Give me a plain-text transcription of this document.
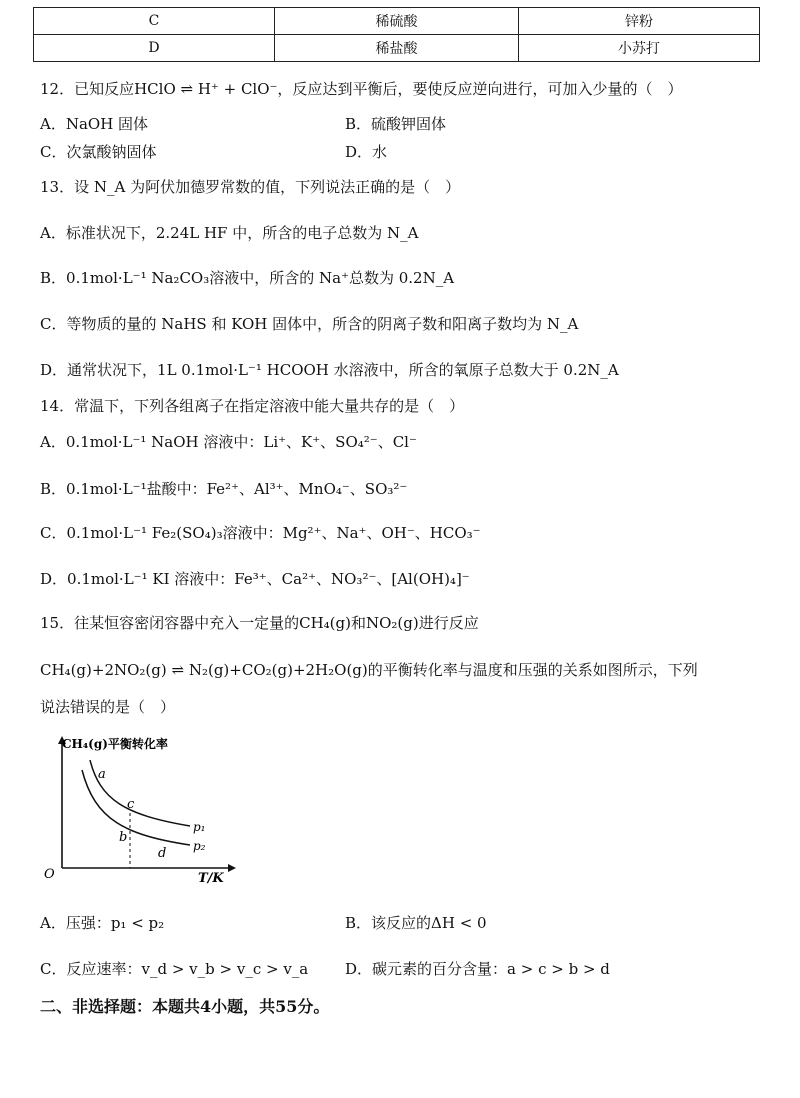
C	稀硫酸	锌粉
D	稀盐酸	小苏打
12．已知反应HClO ⇌ H⁺ + ClO⁻，反应达到平衡后，要使反应逆向进行，可加入少量的（　）
A．NaOH 固体	B．硫酸钾固体
C．次氯酸钠固体	D．水
13．设 N_A 为阿伏加德罗常数的值，下列说法正确的是（　）
A．标准状况下，2.24L HF 中，所含的电子总数为 N_A
B．0.1mol·L⁻¹ Na₂CO₃溶液中，所含的 Na⁺总数为 0.2N_A
C．等物质的量的 NaHS 和 KOH 固体中，所含的阴离子数和阳离子数均为 N_A
D．通常状况下，1L 0.1mol·L⁻¹ HCOOH 水溶液中，所含的氧原子总数大于 0.2N_A
14．常温下，下列各组离子在指定溶液中能大量共存的是（　）
A．0.1mol·L⁻¹ NaOH 溶液中：Li⁺、K⁺、SO₄²⁻、Cl⁻
B．0.1mol·L⁻¹盐酸中：Fe²⁺、Al³⁺、MnO₄⁻、SO₃²⁻
C．0.1mol·L⁻¹ Fe₂(SO₄)₃溶液中：Mg²⁺、Na⁺、OH⁻、HCO₃⁻
D．0.1mol·L⁻¹ KI 溶液中：Fe³⁺、Ca²⁺、NO₃²⁻、[Al(OH)₄]⁻
15．往某恒容密闭容器中充入一定量的CH₄(g)和NO₂(g)进行反应
CH₄(g)+2NO₂(g) ⇌ N₂(g)+CO₂(g)+2H₂O(g)的平衡转化率与温度和压强的关系如图所示，下列
说法错误的是（　）
CH₄(g)平衡转化率
T/K
O
a
b
c
d
p₁
p₂
A．压强：p₁ < p₂	B．该反应的ΔH < 0
C．反应速率：v_d > v_b > v_c > v_a D．碳元素的百分含量：a > c > b > d
二、非选择题：本题共4小题，共55分。
